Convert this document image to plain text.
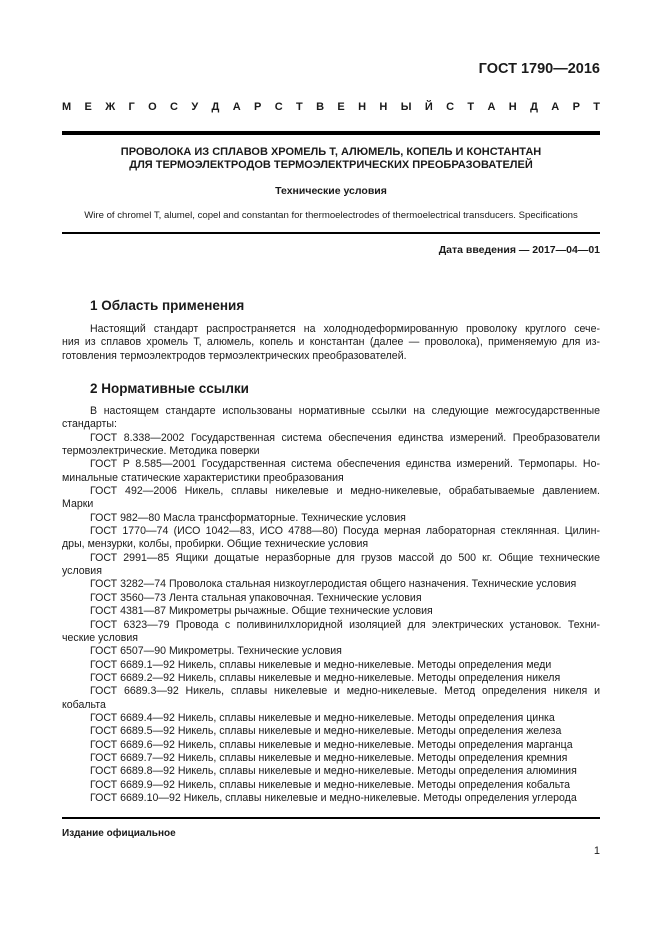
ГОСТ 1790—2016
М Е Ж Г О С У Д А Р С Т В Е Н Н Ы Й С Т А Н Д А Р Т
ПРОВОЛОКА ИЗ СПЛАВОВ ХРОМЕЛЬ Т, АЛЮМЕЛЬ, КОПЕЛЬ И КОНСТАНТАН
ДЛЯ ТЕРМОЭЛЕКТРОДОВ ТЕРМОЭЛЕКТРИЧЕСКИХ ПРЕОБРАЗОВАТЕЛЕЙ
Технические условия
Wire of chromel T, alumel, copel and constantan for thermoelectrodes of thermoelectrical transducers. Specifications
Дата введения — 2017—04—01
1 Область применения
Настоящий стандарт распространяется на холоднодеформированную проволоку круглого сече-
ния из сплавов хромель Т, алюмель, копель и константан (далее — проволока), применяемую для из-
готовления термоэлектродов термоэлектрических преобразователей.
2 Нормативные ссылки
В настоящем стандарте использованы нормативные ссылки на следующие межгосударственные
стандарты:
ГОСТ 8.338—2002 Государственная система обеспечения единства измерений. Преобразователи
термоэлектрические. Методика поверки
ГОСТ Р 8.585—2001 Государственная система обеспечения единства измерений. Термопары. Но-
минальные статические характеристики преобразования
ГОСТ 492—2006 Никель, сплавы никелевые и медно-никелевые, обрабатываемые давлением.
Марки
ГОСТ 982—80 Масла трансформаторные. Технические условия
ГОСТ 1770—74 (ИСО 1042—83, ИСО 4788—80) Посуда мерная лабораторная стеклянная. Цилин-
дры, мензурки, колбы, пробирки. Общие технические условия
ГОСТ 2991—85 Ящики дощатые неразборные для грузов массой до 500 кг. Общие технические
условия
ГОСТ 3282—74 Проволока стальная низкоуглеродистая общего назначения. Технические условия
ГОСТ 3560—73 Лента стальная упаковочная. Технические условия
ГОСТ 4381—87 Микрометры рычажные. Общие технические условия
ГОСТ 6323—79 Провода с поливинилхлоридной изоляцией для электрических установок. Техни-
ческие условия
ГОСТ 6507—90 Микрометры. Технические условия
ГОСТ 6689.1—92 Никель, сплавы никелевые и медно-никелевые. Методы определения меди
ГОСТ 6689.2—92 Никель, сплавы никелевые и медно-никелевые. Методы определения никеля
ГОСТ 6689.3—92 Никель, сплавы никелевые и медно-никелевые. Метод определения никеля и
кобальта
ГОСТ 6689.4—92 Никель, сплавы никелевые и медно-никелевые. Методы определения цинка
ГОСТ 6689.5—92 Никель, сплавы никелевые и медно-никелевые. Методы определения железа
ГОСТ 6689.6—92 Никель, сплавы никелевые и медно-никелевые. Методы определения марганца
ГОСТ 6689.7—92 Никель, сплавы никелевые и медно-никелевые. Методы определения кремния
ГОСТ 6689.8—92 Никель, сплавы никелевые и медно-никелевые. Методы определения алюминия
ГОСТ 6689.9—92 Никель, сплавы никелевые и медно-никелевые. Методы определения кобальта
ГОСТ 6689.10—92 Никель, сплавы никелевые и медно-никелевые. Методы определения углерода
Издание официальное
1
